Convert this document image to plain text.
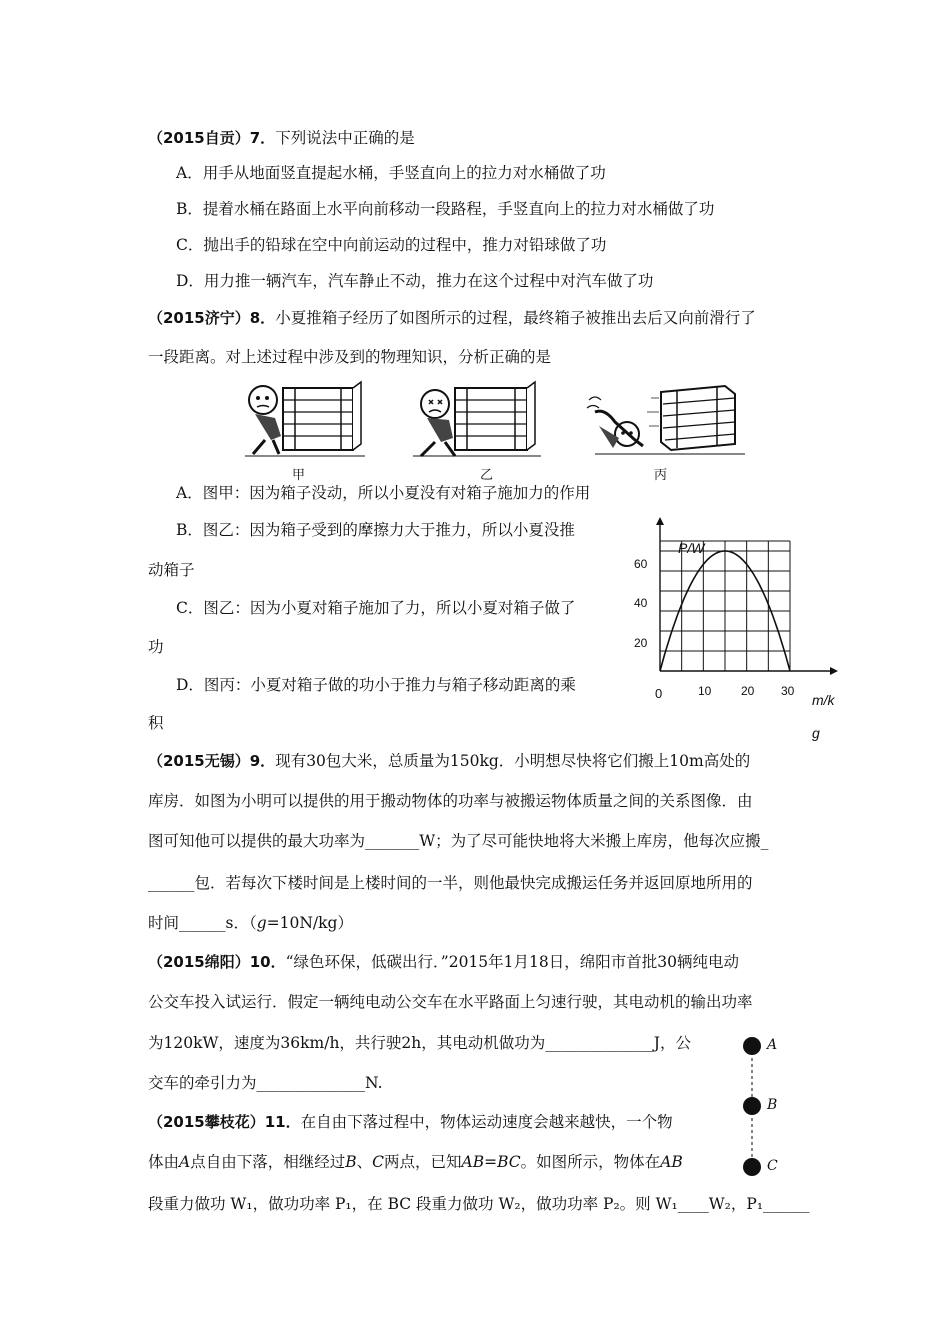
（2015自贡）7．下列说法中正确的是
A．用手从地面竖直提起水桶，手竖直向上的拉力对水桶做了功
B．提着水桶在路面上水平向前移动一段路程，手竖直向上的拉力对水桶做了功
C．抛出手的铅球在空中向前运动的过程中，推力对铅球做了功
D．用力推一辆汽车，汽车静止不动，推力在这个过程中对汽车做了功
（2015济宁）8．小夏推箱子经历了如图所示的过程，最终箱子被推出去后又向前滑行了
一段距离。对上述过程中涉及到的物理知识，分析正确的是
甲	乙	丙
A．图甲：因为箱子没动，所以小夏没有对箱子施加力的作用
B．图乙：因为箱子受到的摩擦力大于推力，所以小夏没推
动箱子
C．图乙：因为小夏对箱子施加了力，所以小夏对箱子做了
功
D．图丙：小夏对箱子做的功小于推力与箱子移动距离的乘
积
P/W
60
40
20
0	10 20 30
m/kg
（2015无锡）9．现有30包大米，总质量为150kg．小明想尽快将它们搬上10m高处的
库房．如图为小明可以提供的用于搬动物体的功率与被搬运物体质量之间的关系图像．由
图可知他可以提供的最大功率为_______W；为了尽可能快地将大米搬上库房，他每次应搬_
______包．若每次下楼时间是上楼时间的一半，则他最快完成搬运任务并返回原地所用的
时间______s．（g=10N/kg）
（2015绵阳）10．“绿色环保，低碳出行．”2015年1月18日，绵阳市首批30辆纯电动
公交车投入试运行．假定一辆纯电动公交车在水平路面上匀速行驶，其电动机的输出功率
为120kW，速度为36km/h，共行驶2h，其电动机做功为______________J，公
交车的牵引力为______________N.
A
B
C
（2015攀枝花）11．在自由下落过程中，物体运动速度会越来越快，一个物
体由A点自由下落，相继经过B、C两点，已知AB=BC。如图所示，物体在AB
段重力做功 W₁，做功功率 P₁，在 BC 段重力做功 W₂，做功功率 P₂。则 W₁____W₂，P₁______
